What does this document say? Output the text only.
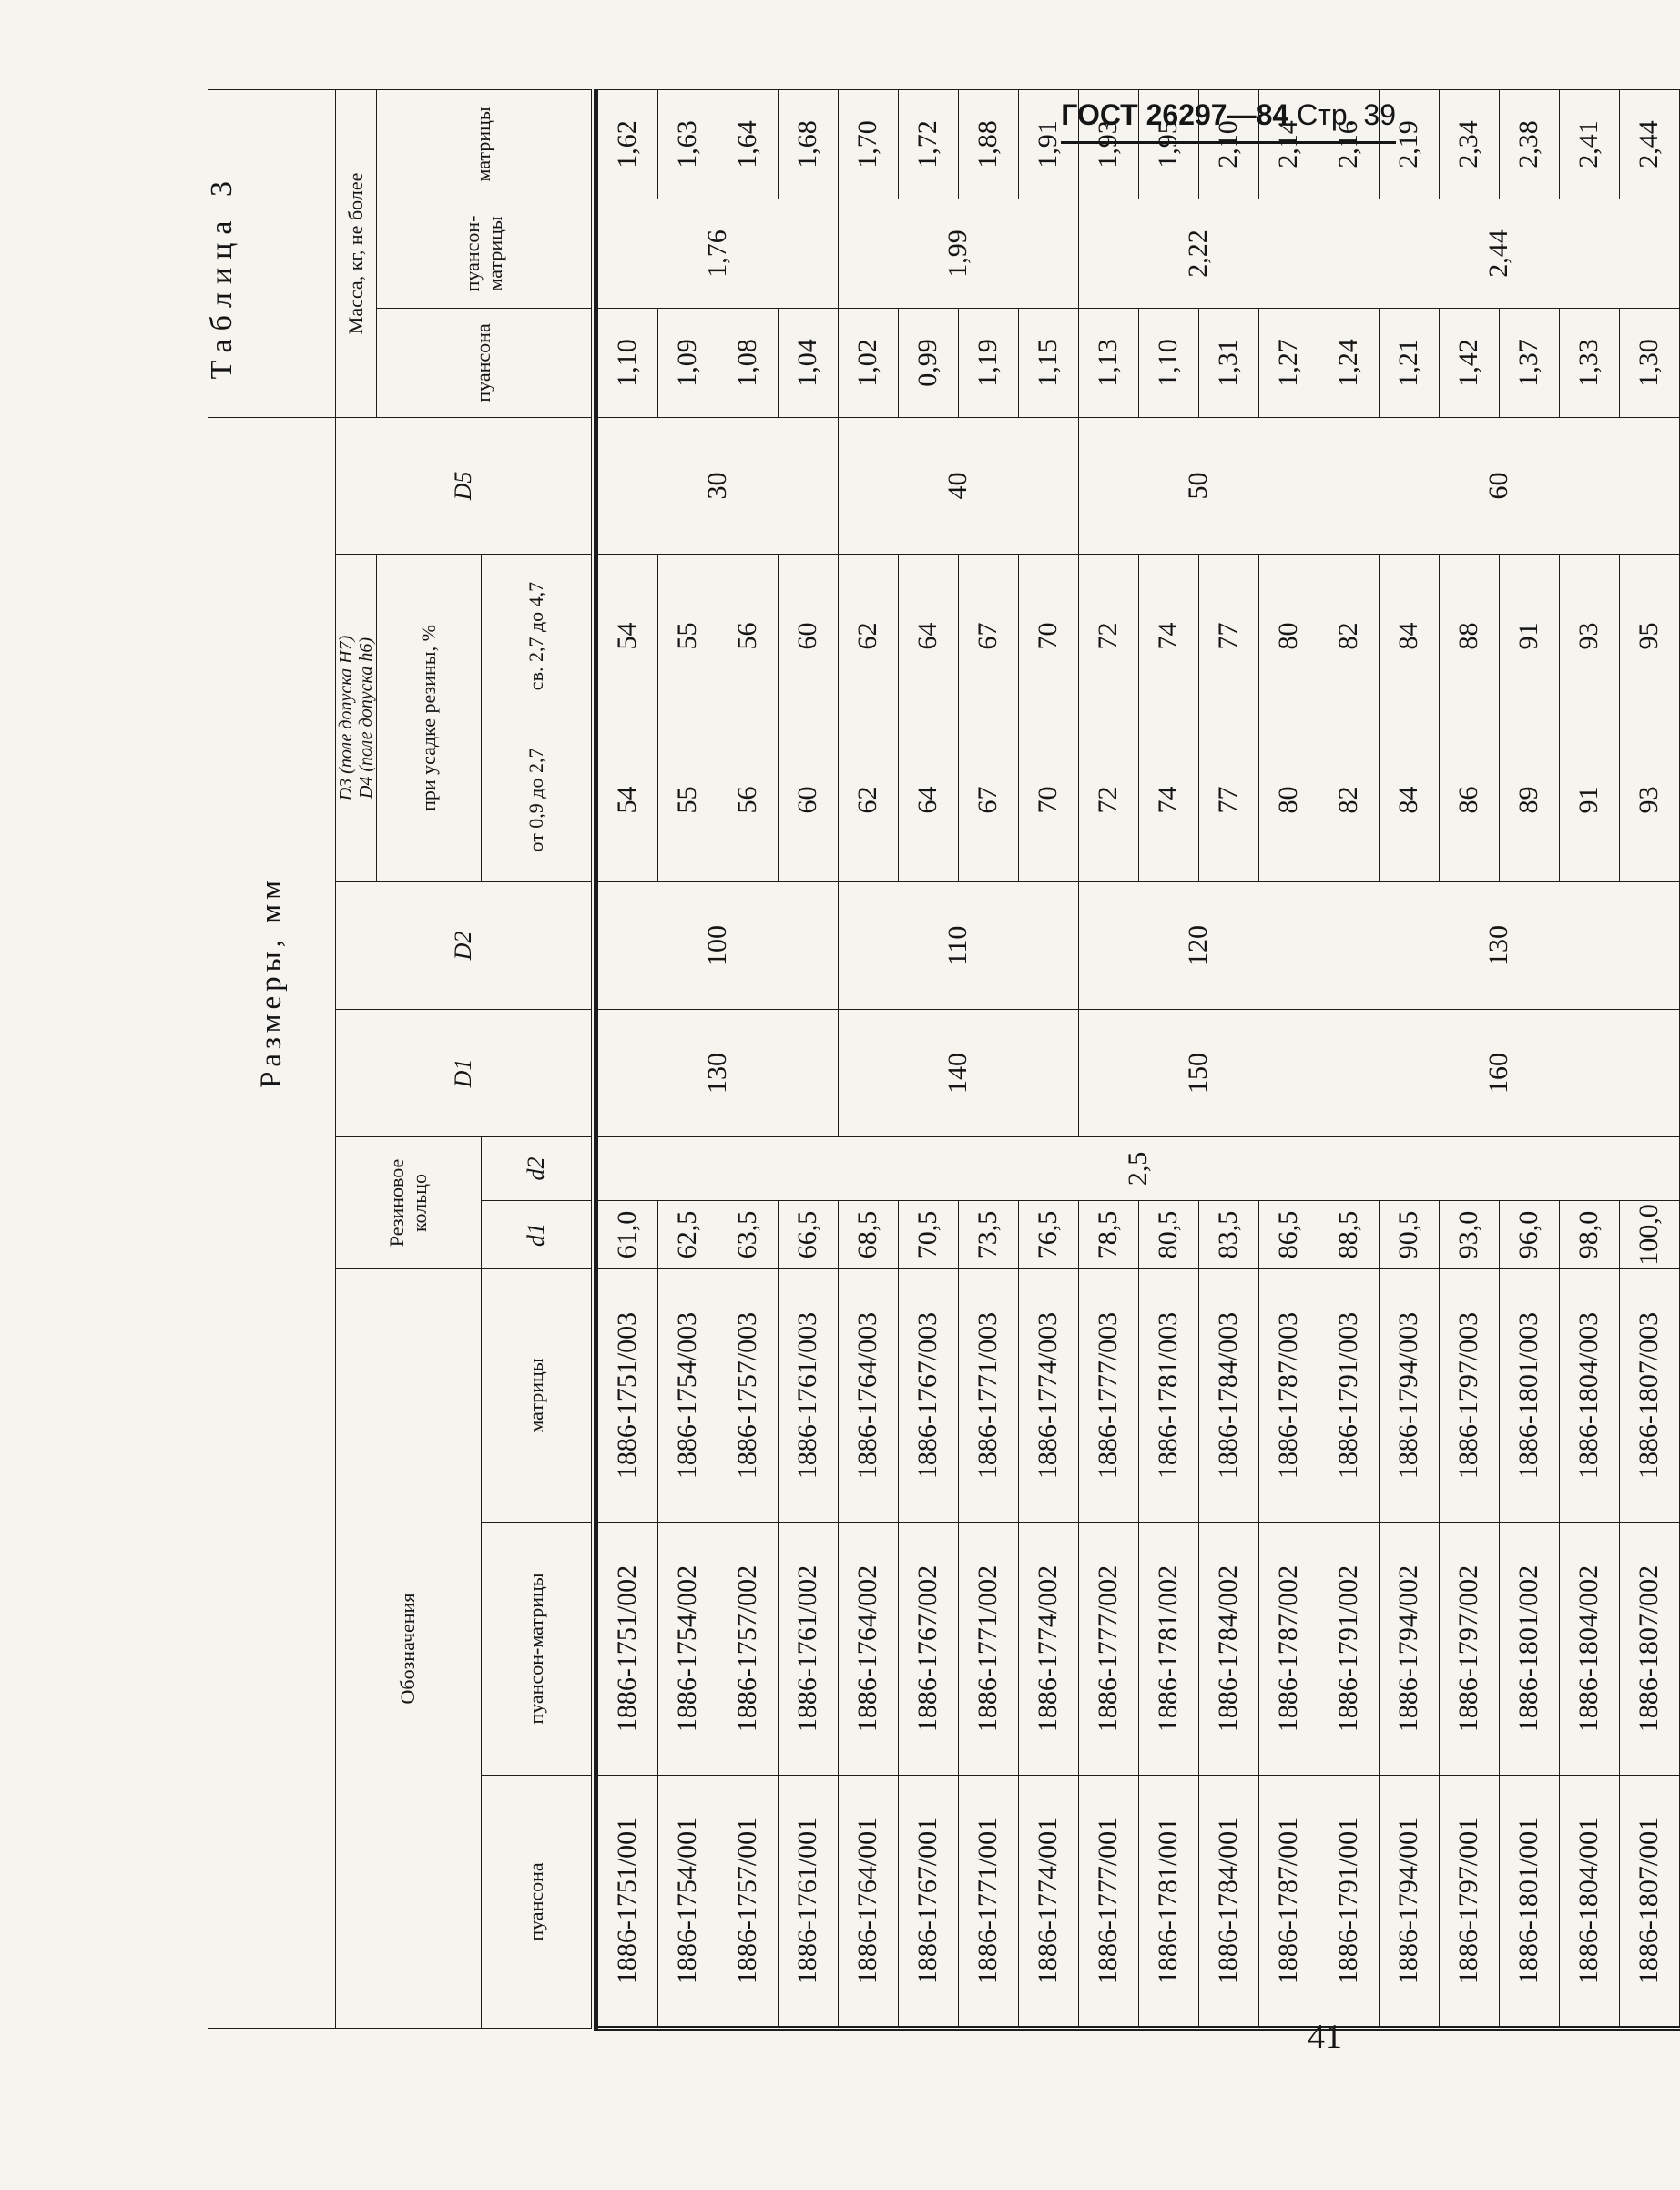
ГОСТ 26297—84 Стр. 39
41
Таблица 3
Размеры, мм

Обозначения			Резиновое кольцо		D1	D2	D3 (поле допуска H7) D4 (поле допуска h6)		D5	Масса, кг, не более		
							при усадке резины, %			пуансона	пуансон-матрицы	матрицы
пуансона	пуансон-матрицы	матрицы	d1	d2			от 0,9 до 2,7	св. 2,7 до 4,7				

1886-1751/001	1886-1751/002	1886-1751/003	61,0	2,5	130	100	54	54	30	1,10	1,76	1,62
1886-1754/001	1886-1754/002	1886-1754/003	62,5				55	55		1,09		1,63
1886-1757/001	1886-1757/002	1886-1757/003	63,5				56	56		1,08		1,64
1886-1761/001	1886-1761/002	1886-1761/003	66,5				60	60		1,04		1,68
1886-1764/001	1886-1764/002	1886-1764/003	68,5		140	110	62	62	40	1,02	1,99	1,70
1886-1767/001	1886-1767/002	1886-1767/003	70,5				64	64		0,99		1,72
1886-1771/001	1886-1771/002	1886-1771/003	73,5				67	67		1,19		1,88
1886-1774/001	1886-1774/002	1886-1774/003	76,5				70	70		1,15		1,91
1886-1777/001	1886-1777/002	1886-1777/003	78,5		150	120	72	72	50	1,13	2,22	1,93
1886-1781/001	1886-1781/002	1886-1781/003	80,5				74	74		1,10		1,95
1886-1784/001	1886-1784/002	1886-1784/003	83,5				77	77		1,31		2,10
1886-1787/001	1886-1787/002	1886-1787/003	86,5				80	80		1,27		2,14
1886-1791/001	1886-1791/002	1886-1791/003	88,5		160	130	82	82	60	1,24	2,44	2,16
1886-1794/001	1886-1794/002	1886-1794/003	90,5				84	84		1,21		2,19
1886-1797/001	1886-1797/002	1886-1797/003	93,0				86	88		1,42		2,34
1886-1801/001	1886-1801/002	1886-1801/003	96,0				89	91		1,37		2,38
1886-1804/001	1886-1804/002	1886-1804/003	98,0				91	93		1,33		2,41
1886-1807/001	1886-1807/002	1886-1807/003	100,0				93	95		1,30		2,44
